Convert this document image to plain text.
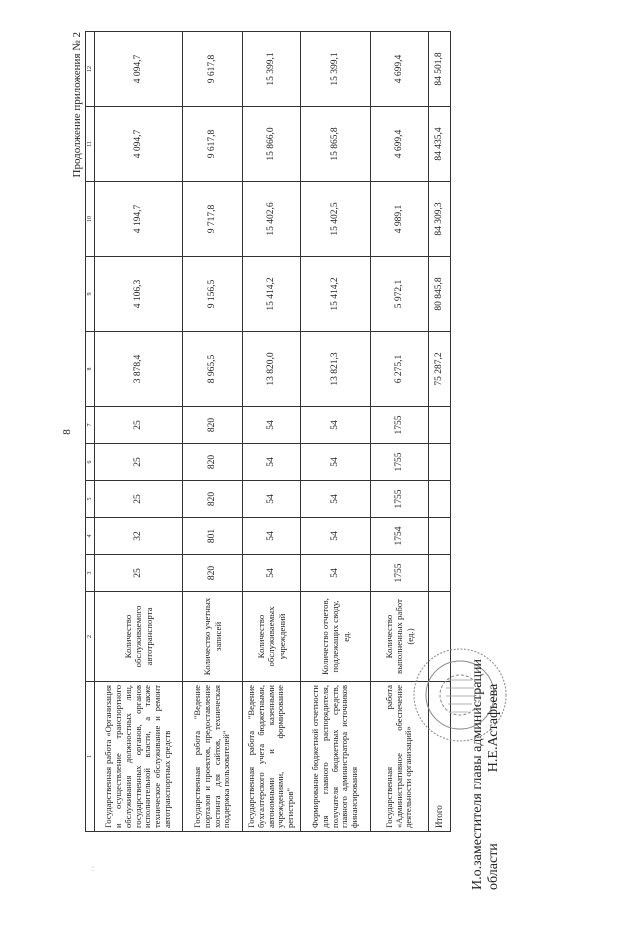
8
Продолжение приложения № 2
1	2	3	4	5	6	7	8	9	10	11	12
Государственная работа «Организация и осуществление транспортного обслуживания должностных лиц, государственных органов, органов исполнительной власти, а также техническое обслуживание и ремонт автотранспортных средств	Количество обслуживаемого автотранспорта	25	32	25	25	25	3 878,4	4 106,3	4 194,7	4 094,7	4 094,7
Государственная работа "Ведение порталов и проектов, предоставление хостинга для сайтов, техническая поддержка пользователей"	Количество учетных записей	820	801	820	820	820	8 965,5	9 156,5	9 717,8	9 617,8	9 617,8
Государственная работа "Ведение бухгалтерского учета бюджетными, автономными и казенными учреждениями, формирование регистров"	Количество обслуживаемых учреждений	54	54	54	54	54	13 820,0	15 414,2	15 402,6	15 866,0	15 399,1
Формирование бюджетной отчетности для главного распорядителя, получателя бюджетных средств, главного администратора источников финансирования	Количество отчетов, подлежащих своду, ед.	54	54	54	54	54	13 821,3	15 414,2	15 402,5	15 865,8	15 399,1
Государственная работа «Административное обеспечение деятельности организаций»	Количество выполненных работ (ед.)	1755	1754	1755	1755	1755	6 275,1	5 972,1	4 989,1	4 699,4	4 699,4
Итого							75 287,2	80 845,8	84 309,3	84 435,4	84 501,8
И.о.заместителя главы администрации области  Н.Е.Астафьева
⁚
